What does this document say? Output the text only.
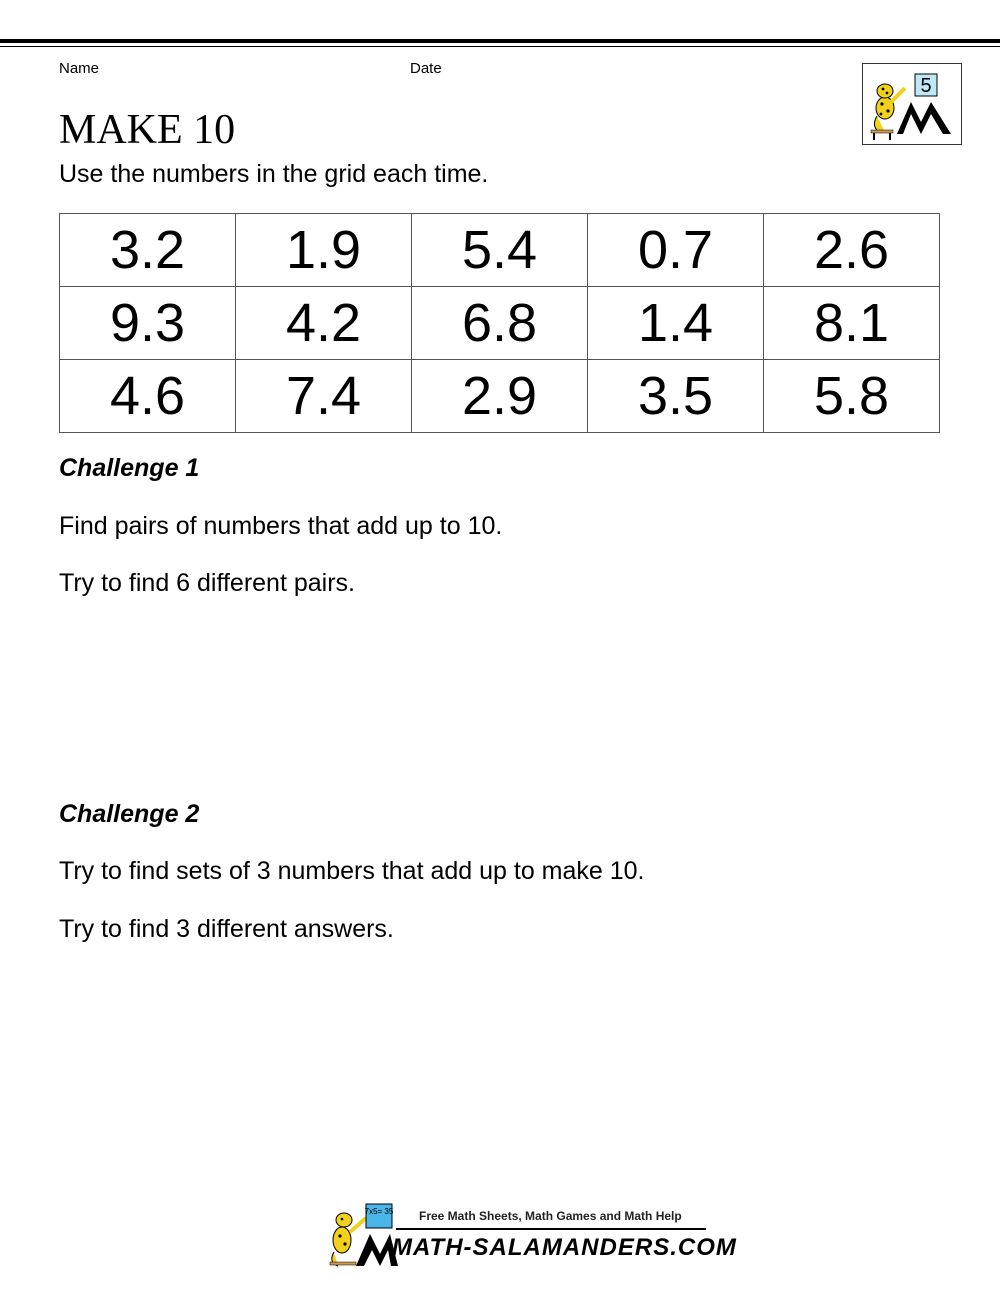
Name	Date
5
MAKE 10
Use the numbers in the grid each time.
3.2	1.9	5.4	0.7	2.6
9.3	4.2	6.8	1.4	8.1
4.6	7.4	2.9	3.5	5.8
Challenge 1
Find pairs of numbers that add up to 10.
Try to find 6 different pairs.
Challenge 2
Try to find sets of 3 numbers that add up to make 10.
Try to find 3 different answers.
7x5= 35 Free Math Sheets, Math Games and Math Help
MATH-SALAMANDERS.COM
